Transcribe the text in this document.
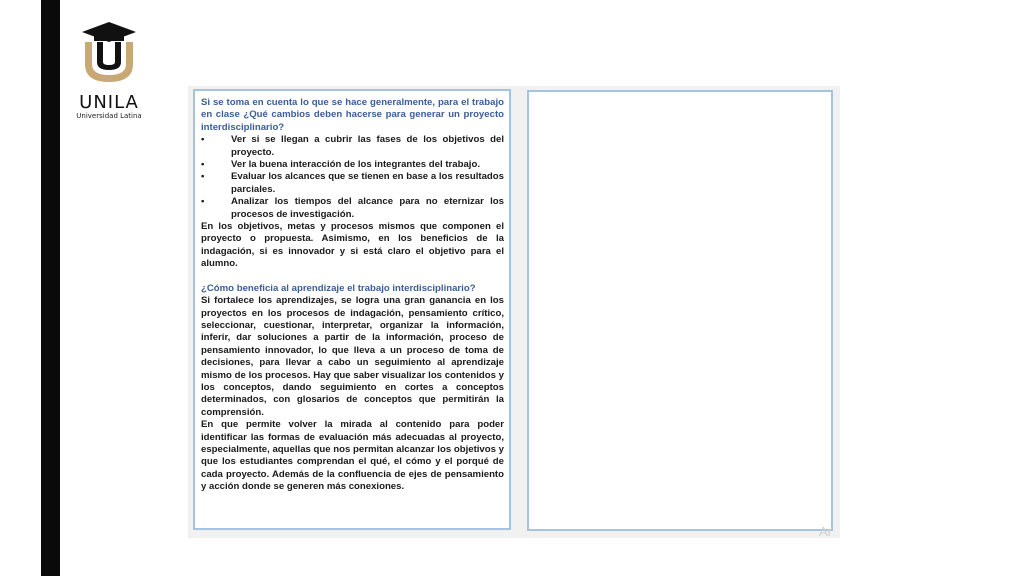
UNILA
Universidad Latina

Si se toma en cuenta lo que se hace generalmente, para el trabajo en clase ¿Qué cambios deben hacerse para generar un proyecto interdisciplinario?

•	Ver si se llegan a cubrir las fases de los objetivos del proyecto.

•	Ver la buena interacción de los integrantes del trabajo.

•	Evaluar los alcances que se tienen en base a los resultados parciales.

•	Analizar los tiempos del alcance para no eternizar los procesos de investigación.

En los objetivos, metas y procesos mismos que componen el proyecto o propuesta. Asimismo, en los beneficios de la indagación, si es innovador y si está claro el objetivo para el alumno.

¿Cómo beneficia al aprendizaje el trabajo interdisciplinario?

Si fortalece los aprendizajes, se logra una gran ganancia en los proyectos en los procesos de indagación, pensamiento crítico, seleccionar, cuestionar, interpretar, organizar la información, inferir, dar soluciones a partir de la información, proceso de pensamiento innovador, lo que lleva a un proceso de toma de decisiones, para llevar a cabo un seguimiento al aprendizaje mismo de los procesos. Hay que saber visualizar los contenidos y los conceptos, dando seguimiento en cortes a conceptos determinados, con glosarios de conceptos que permitirán la comprensión.

En que permite volver la mirada al contenido para poder identificar las formas de evaluación más adecuadas al proyecto, especialmente, aquellas que nos permitan alcanzar los objetivos y que los estudiantes comprendan el qué, el cómo y el porqué de cada proyecto. Además de la confluencia de ejes de pensamiento y acción donde se generen más conexiones.

Ar
